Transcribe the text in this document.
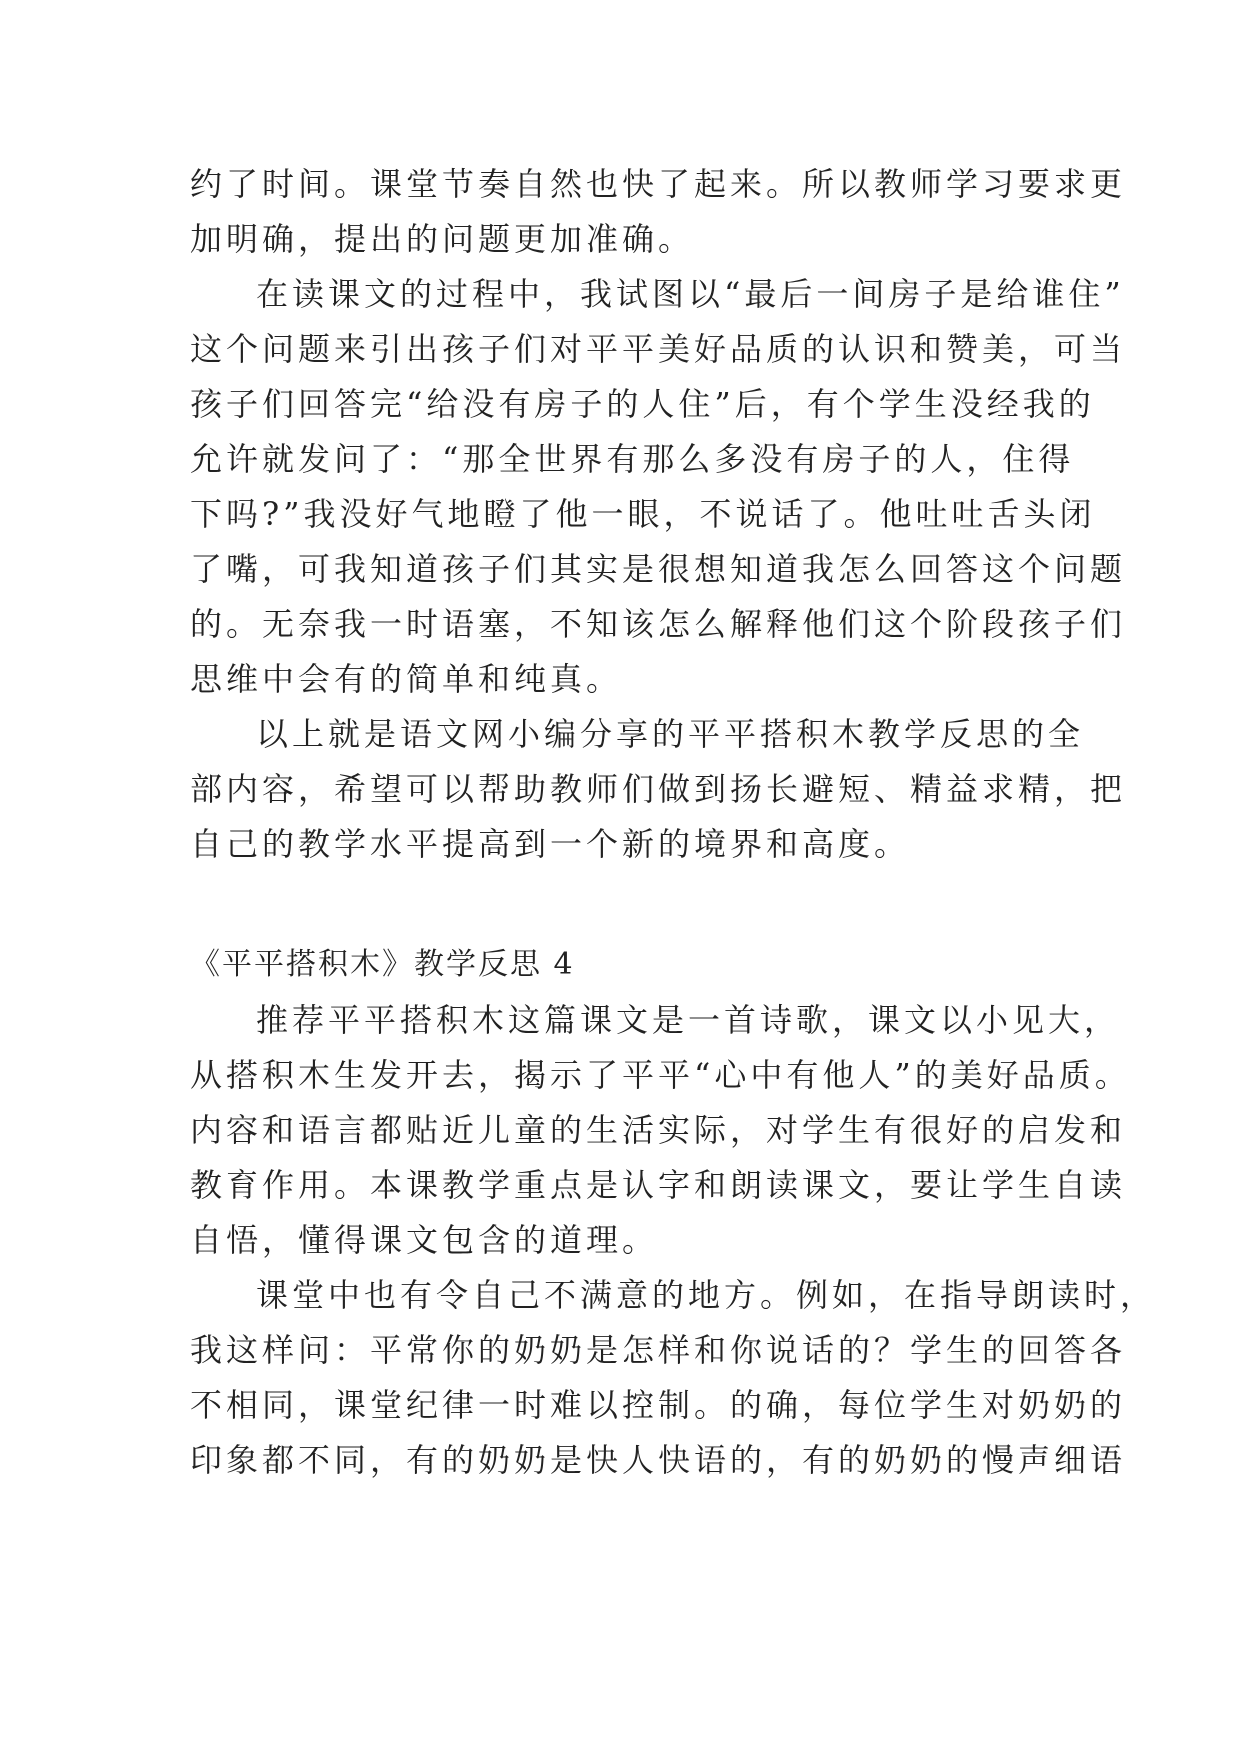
约了时间。课堂节奏自然也快了起来。所以教师学习要求更
加明确，提出的问题更加准确。
在读课文的过程中，我试图以“最后一间房子是给谁住”
这个问题来引出孩子们对平平美好品质的认识和赞美，可当
孩子们回答完“给没有房子的人住”后，有个学生没经我的
允许就发问了：“那全世界有那么多没有房子的人，住得
下吗?”我没好气地瞪了他一眼，不说话了。他吐吐舌头闭
了嘴，可我知道孩子们其实是很想知道我怎么回答这个问题
的。无奈我一时语塞，不知该怎么解释他们这个阶段孩子们
思维中会有的简单和纯真。
以上就是语文网小编分享的平平搭积木教学反思的全
部内容，希望可以帮助教师们做到扬长避短、精益求精，把
自己的教学水平提高到一个新的境界和高度。
《平平搭积木》教学反思 4
推荐平平搭积木这篇课文是一首诗歌，课文以小见大，
从搭积木生发开去，揭示了平平“心中有他人”的美好品质。
内容和语言都贴近儿童的生活实际，对学生有很好的启发和
教育作用。本课教学重点是认字和朗读课文，要让学生自读
自悟，懂得课文包含的道理。
课堂中也有令自己不满意的地方。例如，在指导朗读时，
我这样问：平常你的奶奶是怎样和你说话的？学生的回答各
不相同，课堂纪律一时难以控制。的确，每位学生对奶奶的
印象都不同，有的奶奶是快人快语的，有的奶奶的慢声细语
